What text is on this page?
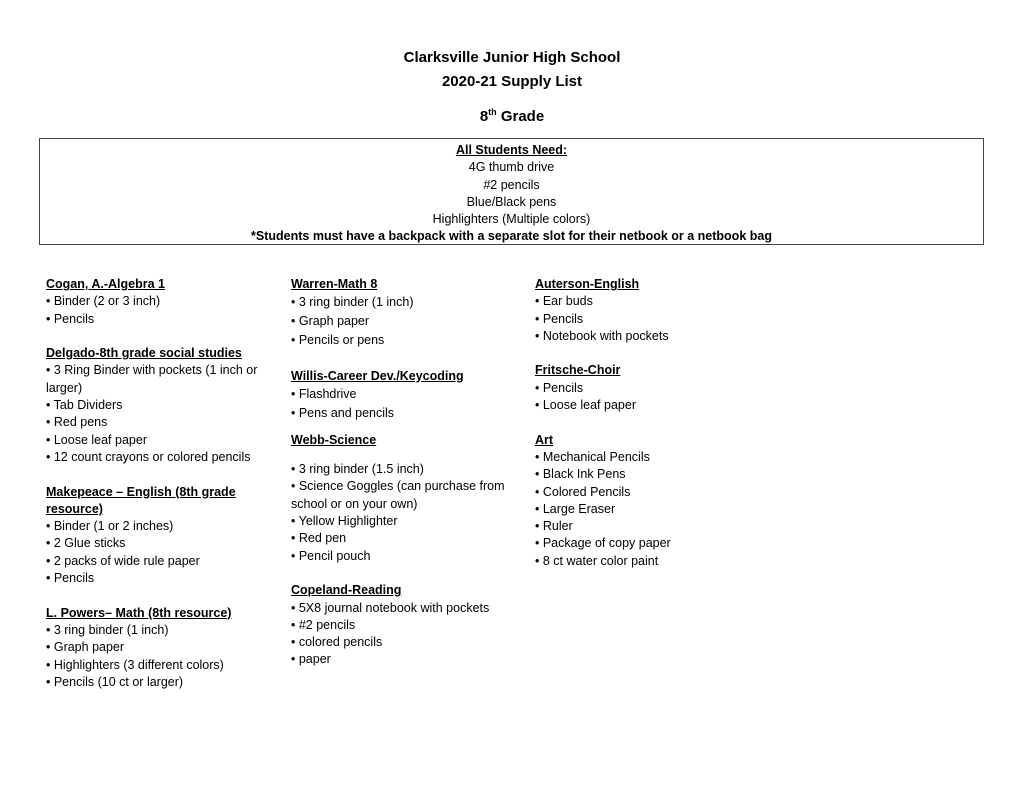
Clarksville Junior High School
2020-21 Supply List
8th Grade
All Students Need:
4G thumb drive
#2 pencils
Blue/Black pens
Highlighters (Multiple colors)
*Students must have a backpack with a separate slot for their netbook or a netbook bag
Cogan, A.-Algebra 1
• Binder (2 or 3 inch)
• Pencils
Delgado-8th grade social studies
• 3 Ring Binder with pockets (1 inch or larger)
• Tab Dividers
• Red pens
• Loose leaf paper
• 12 count crayons or colored pencils
Makepeace – English (8th grade resource)
• Binder (1 or 2 inches)
• 2 Glue sticks
• 2 packs of wide rule paper
• Pencils
L. Powers– Math (8th resource)
• 3 ring binder (1 inch)
• Graph paper
• Highlighters (3 different colors)
• Pencils (10 ct or larger)
Warren-Math 8
• 3 ring binder (1 inch)
• Graph paper
• Pencils or pens
Willis-Career Dev./Keycoding
• Flashdrive
• Pens and pencils
Webb-Science
• 3 ring binder (1.5 inch)
• Science Goggles (can purchase from school or on your own)
• Yellow Highlighter
• Red pen
• Pencil pouch
Copeland-Reading
• 5X8 journal notebook with pockets
• #2 pencils
• colored pencils
• paper
Auterson-English
• Ear buds
• Pencils
• Notebook with pockets
Fritsche-Choir
• Pencils
• Loose leaf paper
Art
• Mechanical Pencils
• Black Ink Pens
• Colored Pencils
• Large Eraser
• Ruler
• Package of copy paper
• 8 ct water color paint
